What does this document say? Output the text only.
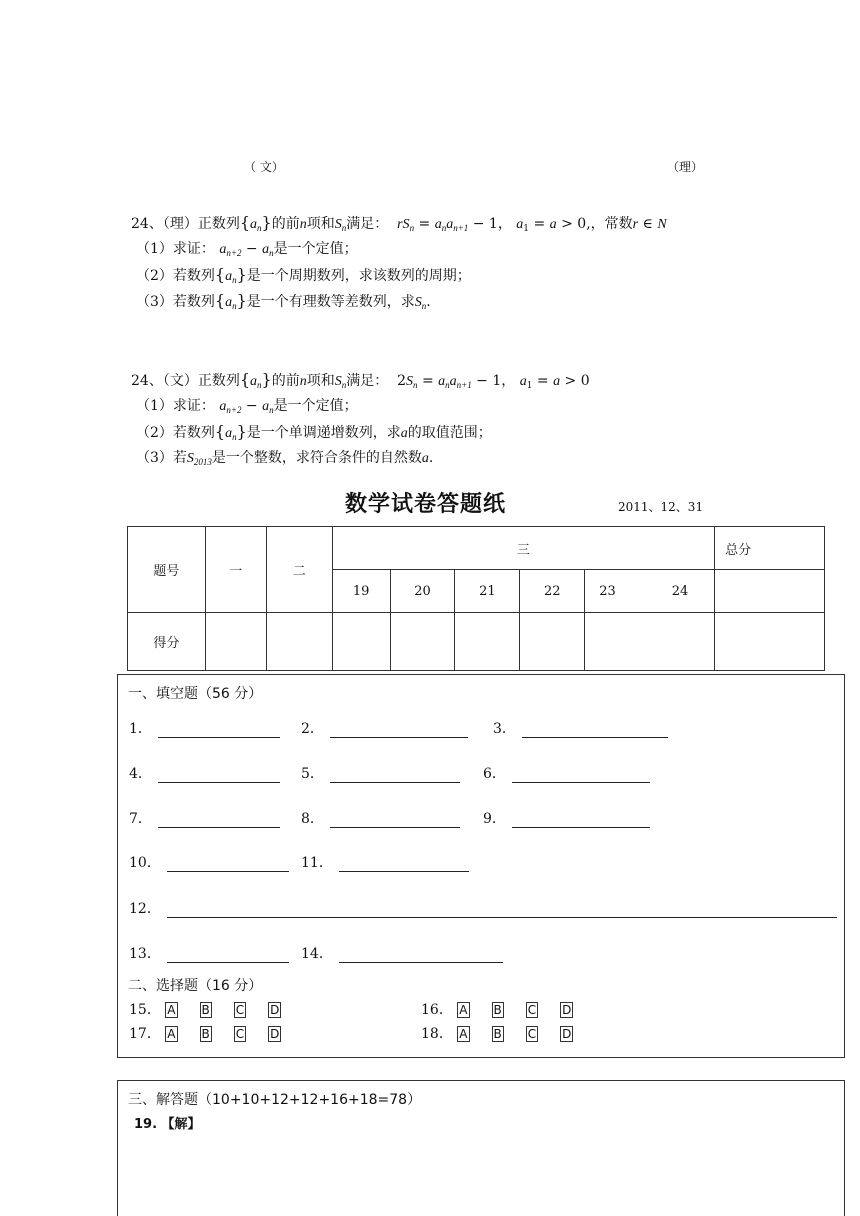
（ 文）	（理）
24、（理）正数列$\{a_n\}$的前n项和$S_n$满足： $rS_n = a_na_{n+1} - 1$， $a_1 = a > 0$,，常数r ∈ N
（1）求证： $a_{n+2} - a_n$是一个定值；
（2）若数列$\{a_n\}$是一个周期数列，求该数列的周期；
（3）若数列$\{a_n\}$是一个有理数等差数列，求$S_n$.
24、（文）正数列$\{a_n\}$的前n项和$S_n$满足：  $2S_n = a_na_{n+1} - 1$， $a_1 = a > 0$
（1）求证： $a_{n+2} - a_n$是一个定值；
（2）若数列$\{a_n\}$是一个单调递增数列，求a的取值范围；
（3）若$S_{2013}$是一个整数，求符合条件的自然数a.
数学试卷答题纸	2011、12、31
题号	一	二	三					总分
			19	20	21	22	23 24	
得分								
一、填空题（56 分）
1．	2．	3．
4．	5．	6．
7．	8．	9．
10．	11．
12．
13．	14．
二、选择题（16 分）
15． A B C D	16． A B C D
17． A B C D	18． A B C D
三、解答题（10+10+12+12+16+18=78）
19. 【解】
